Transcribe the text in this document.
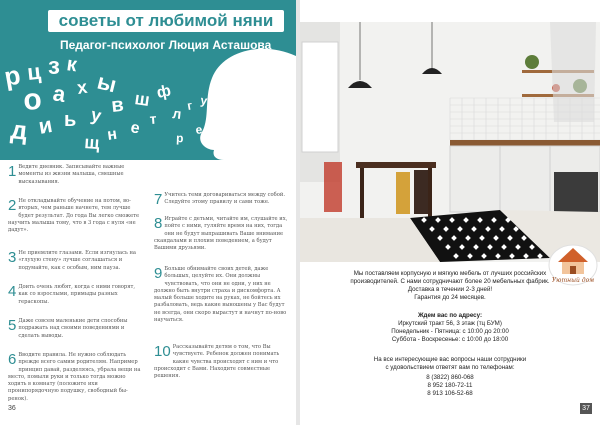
р ц з к
о а х ы
д и ь у в ш ф
щ н е
т л г у
р
е ц
советы от любимой няни
Педагог-психолог Люция Асташова
1 Ведите дневник. Записывайте важные моменты из жизни малыша, смешные высказывания.
2 Не откладывайте обучение на потом, во-вторых, чем раньше начнете, тем лучше будет результат. До года Вы легко сможете научить малыша тому, что в 3 года с нуля «не дадут».
3 Не приемлите глазами. Если изгнулась на «глухую стену» лучше соглашаться и подумайте, как с особым, ним пауза.
4 Доить очень любят, когда с ними говорят, как со взрослыми, примыды разных гераскопы.
5 Даже совсем маленькие дети способны подражать над своими поведениями и сделать выводы.
6 Вводите правила. Не нужно соблюдать прежде всего самим родителям. Например принцип давай, разделяясь, убрала вещи на место, помыли руки и только тогда можно ходить в комнату (положите ихи пронипорядочную подушку, свободный бы-ренок).
7 Учитесь теми договариваться между собой. Следуйте этому правилу и сами тоже.
8 Играйте с детьми, читайте им, слушайте их, пойте с ними, гуляйте время на них, тогда они не будут выпрашивать Ваше внимание скандалами и плохим поведением, а будут Вашими друзьями.
9 Больше обнимайте своих детей, даже большых, целуйте их. Они должны чувствовать, что они не одни, у них не должно быть внутри страха и дискомфорта. А малый больше ходите на руках, не бойтесь их разбаловать, ведь какие выношены у Вас будут не всегда, они скоро вырастут и начнут по-ново научаться.
10 Рассказывайте детям о том, что Вы чувствуете. Ребенок должен понимать какие чувства происходят с ним и что происходит с Вами. Находите совместные решения.
36
Уютный дом
Мы поставляем корпусную и мягкую мебель от лучших российских
производителей. С нами сотрудничают более 20 мебельных фабрик.
Доставка в течении 2-3 дней!
Гарантия до 24 месяцев.
Ждем вас по адресу:
Иркутский тракт 56, 3 этаж (тц БУМ)
Понедельник - Пятница: с 10:00 до 20:00
Суббота - Воскресенье: с 10:00 до 18:00
На все интересующие вас вопросы наши сотрудники
с удовольствием ответят вам по телефонам:
8 (3822) 860-068
8 952 180-72-11
8 913 106-52-68
37
